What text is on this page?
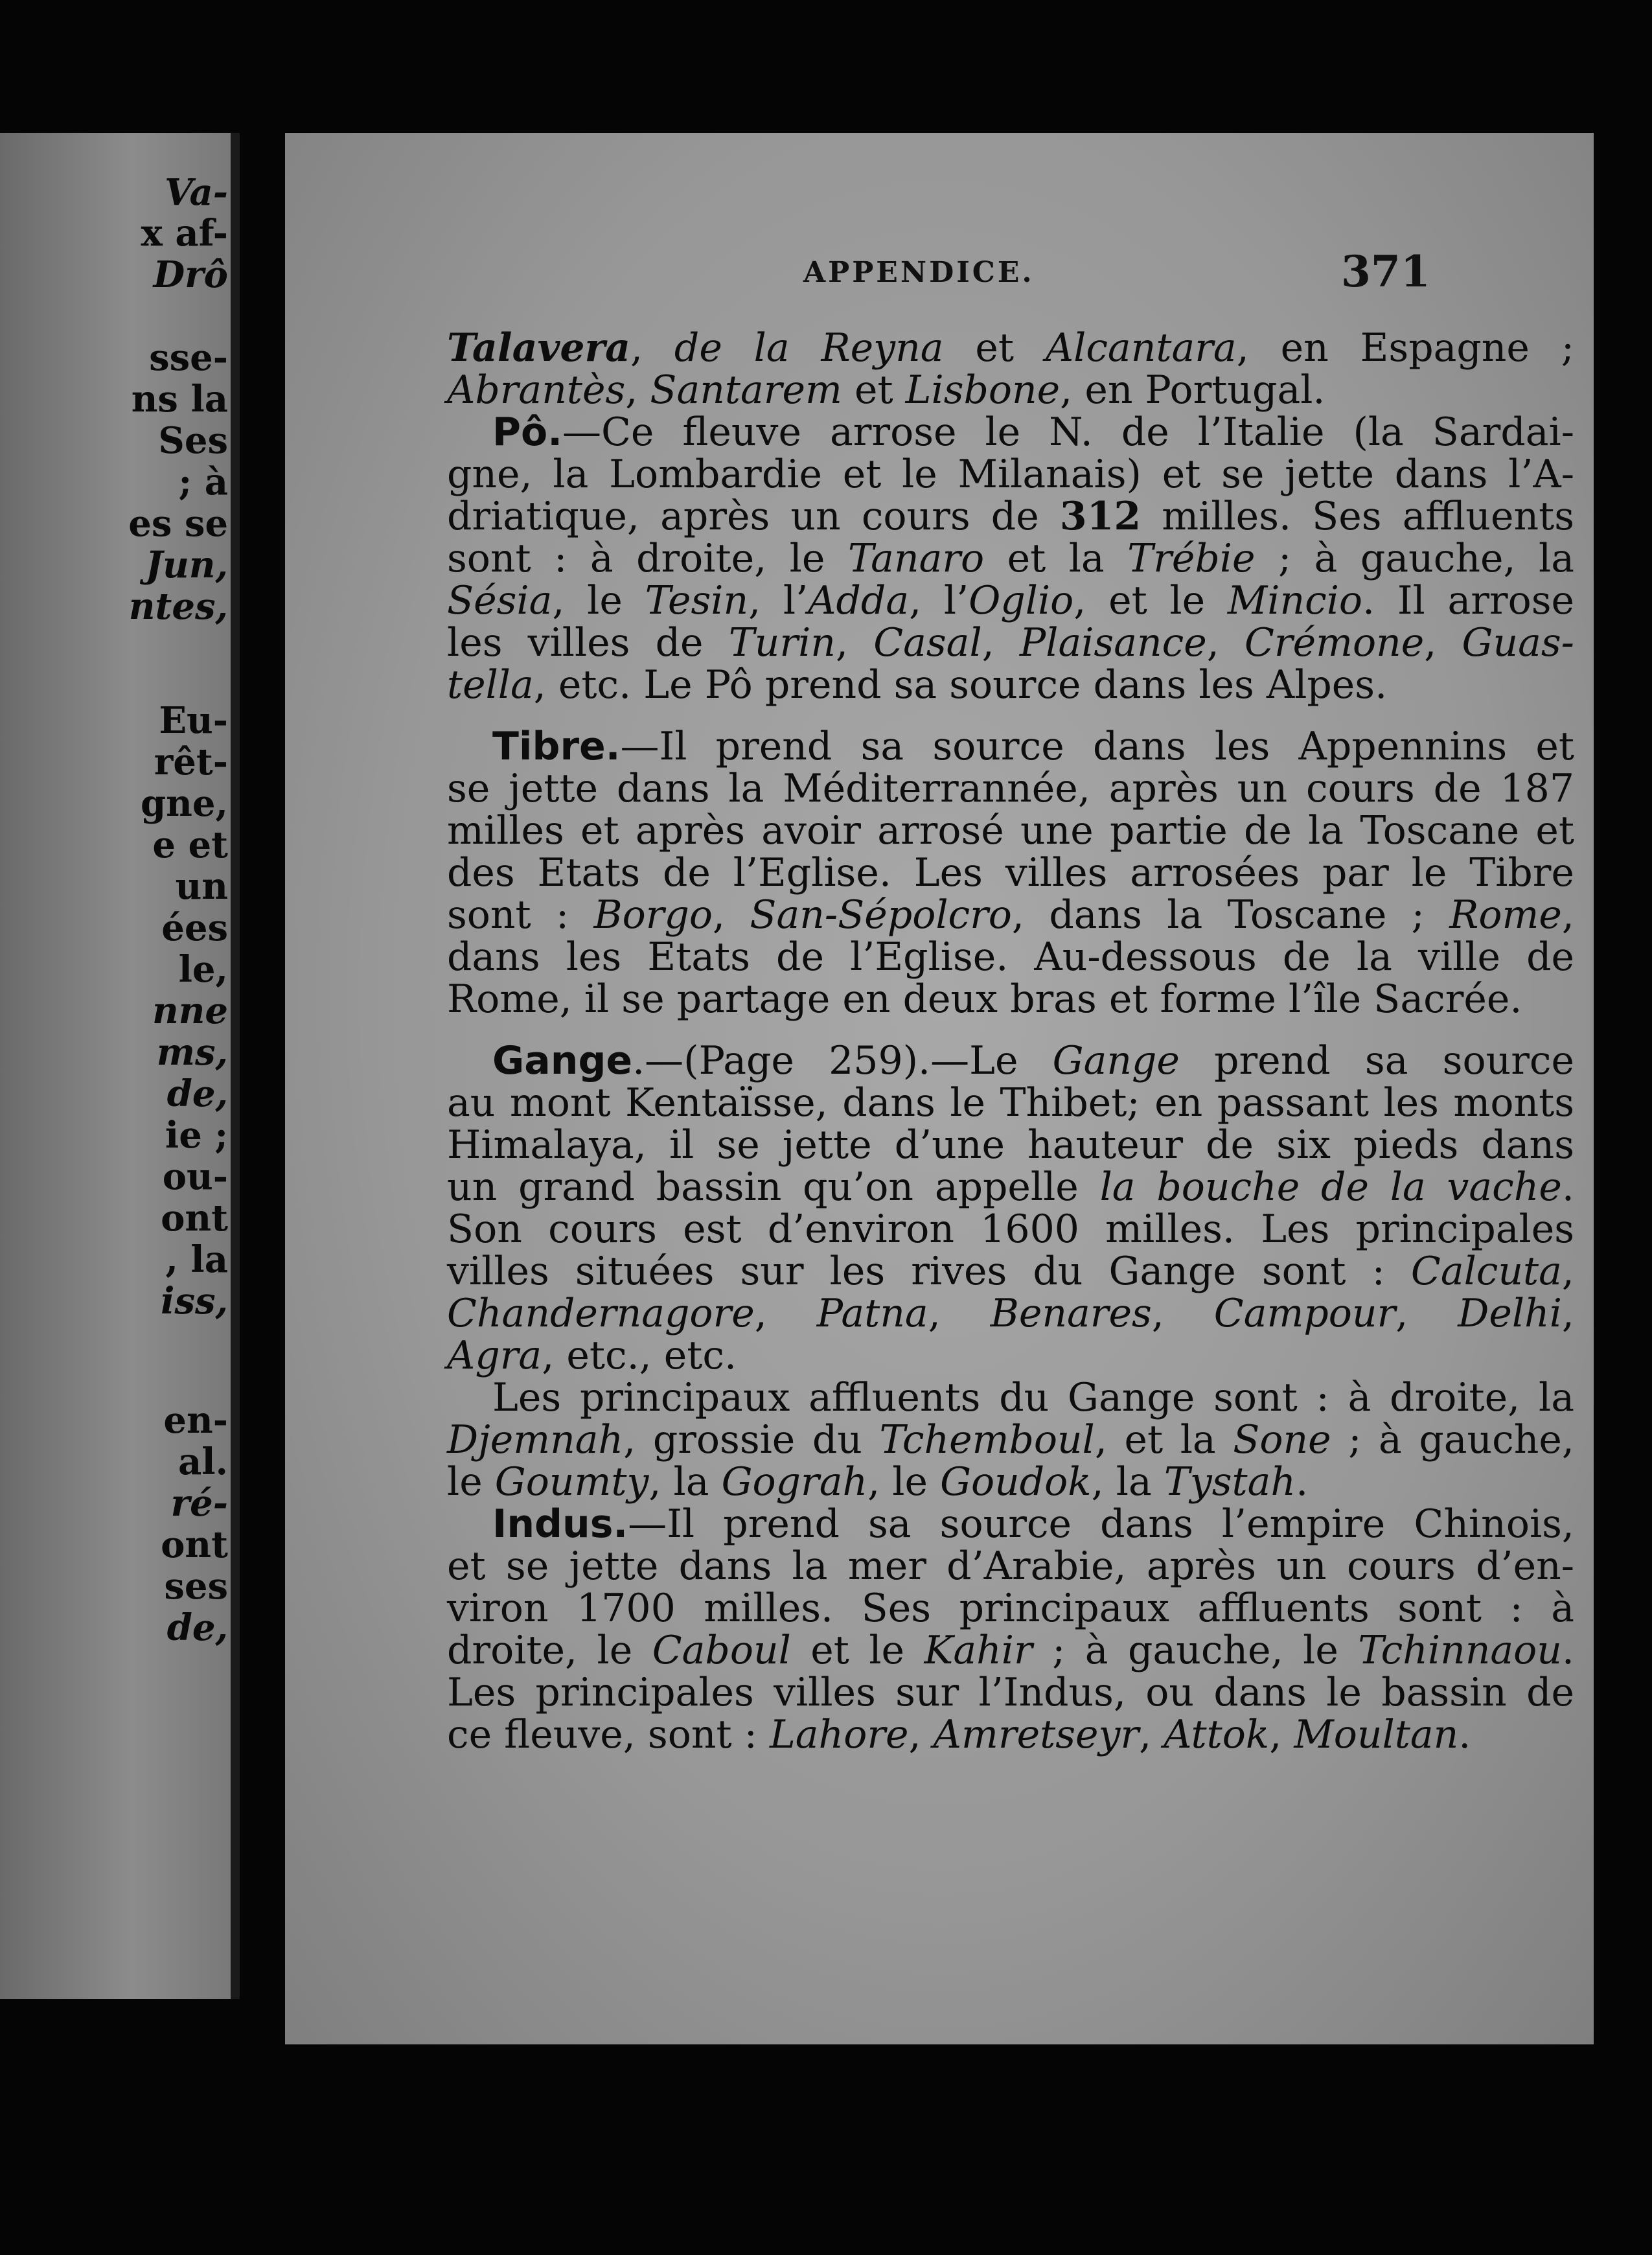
Va-
x af-
Drô
sse-
ns la
Ses
; à
es se
Jun,
ntes,
Eu-
rêt-
gne,
e et
un
ées
le,
nne
ms,
de,
ie ;
ou-
ont
, la
iss,
en-
al.
ré-
ont
ses
de,
APPENDICE.	371
Talavera, de la Reyna et Alcantara, en Espagne ;
Abrantès, Santarem et Lisbone, en Portugal.
Pô.—Ce fleuve arrose le N. de l’Italie (la Sardai-
gne, la Lombardie et le Milanais) et se jette dans l’A-
driatique, après un cours de 312 milles. Ses affluents
sont : à droite, le Tanaro et la Trébie ; à gauche, la
Sésia, le Tesin, l’Adda, l’Oglio, et le Mincio. Il arrose
les villes de Turin, Casal, Plaisance, Crémone, Guas-
tella, etc. Le Pô prend sa source dans les Alpes.
Tibre.—Il prend sa source dans les Appennins et
se jette dans la Méditerrannée, après un cours de 187
milles et après avoir arrosé une partie de la Toscane et
des Etats de l’Eglise. Les villes arrosées par le Tibre
sont : Borgo, San-Sépolcro, dans la Toscane ; Rome,
dans les Etats de l’Eglise. Au-dessous de la ville de
Rome, il se partage en deux bras et forme l’île Sacrée.
Gange.—(Page 259).—Le Gange prend sa source
au mont Kentaïsse, dans le Thibet; en passant les monts
Himalaya, il se jette d’une hauteur de six pieds dans
un grand bassin qu’on appelle la bouche de la vache.
Son cours est d’environ 1600 milles. Les principales
villes situées sur les rives du Gange sont : Calcuta,
Chandernagore, Patna, Benares, Campour, Delhi,
Agra, etc., etc.
Les principaux affluents du Gange sont : à droite, la
Djemnah, grossie du Tchemboul, et la Sone ; à gauche,
le Goumty, la Gograh, le Goudok, la Tystah.
Indus.—Il prend sa source dans l’empire Chinois,
et se jette dans la mer d’Arabie, après un cours d’en-
viron 1700 milles. Ses principaux affluents sont : à
droite, le Caboul et le Kahir ; à gauche, le Tchinnaou.
Les principales villes sur l’Indus, ou dans le bassin de
ce fleuve, sont : Lahore, Amretseyr, Attok, Moultan.
